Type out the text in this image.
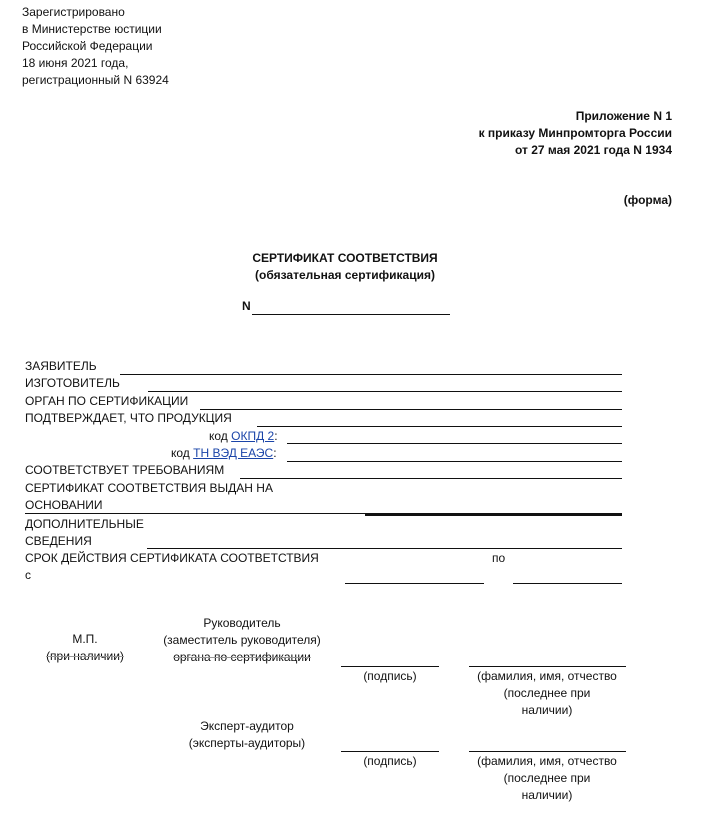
Зарегистрировано
в Министерстве юстиции
Российской Федерации
18 июня 2021 года,
регистрационный N 63924
Приложение N 1
к приказу Минпромторга России
от 27 мая 2021 года N 1934
(форма)
СЕРТИФИКАТ СООТВЕТСТВИЯ
(обязательная сертификация)
N
ЗАЯВИТЕЛЬ
ИЗГОТОВИТЕЛЬ
ОРГАН ПО СЕРТИФИКАЦИИ
ПОДТВЕРЖДАЕТ, ЧТО ПРОДУКЦИЯ
код ОКПД 2:
код ТН ВЭД ЕАЭС:
СООТВЕТСТВУЕТ ТРЕБОВАНИЯМ
СЕРТИФИКАТ СООТВЕТСТВИЯ ВЫДАН НА
ОСНОВАНИИ
ДОПОЛНИТЕЛЬНЫЕ
СВЕДЕНИЯ
СРОК ДЕЙСТВИЯ СЕРТИФИКАТА СООТВЕТСТВИЯ
с
по
М.П.
(при наличии)
Руководитель
(заместитель руководителя)
органа по сертификации
(подпись)	(фамилия, имя, отчество
(последнее при
наличии)
Эксперт-аудитор
(эксперты-аудиторы)
(подпись)	(фамилия, имя, отчество
(последнее при
наличии)
